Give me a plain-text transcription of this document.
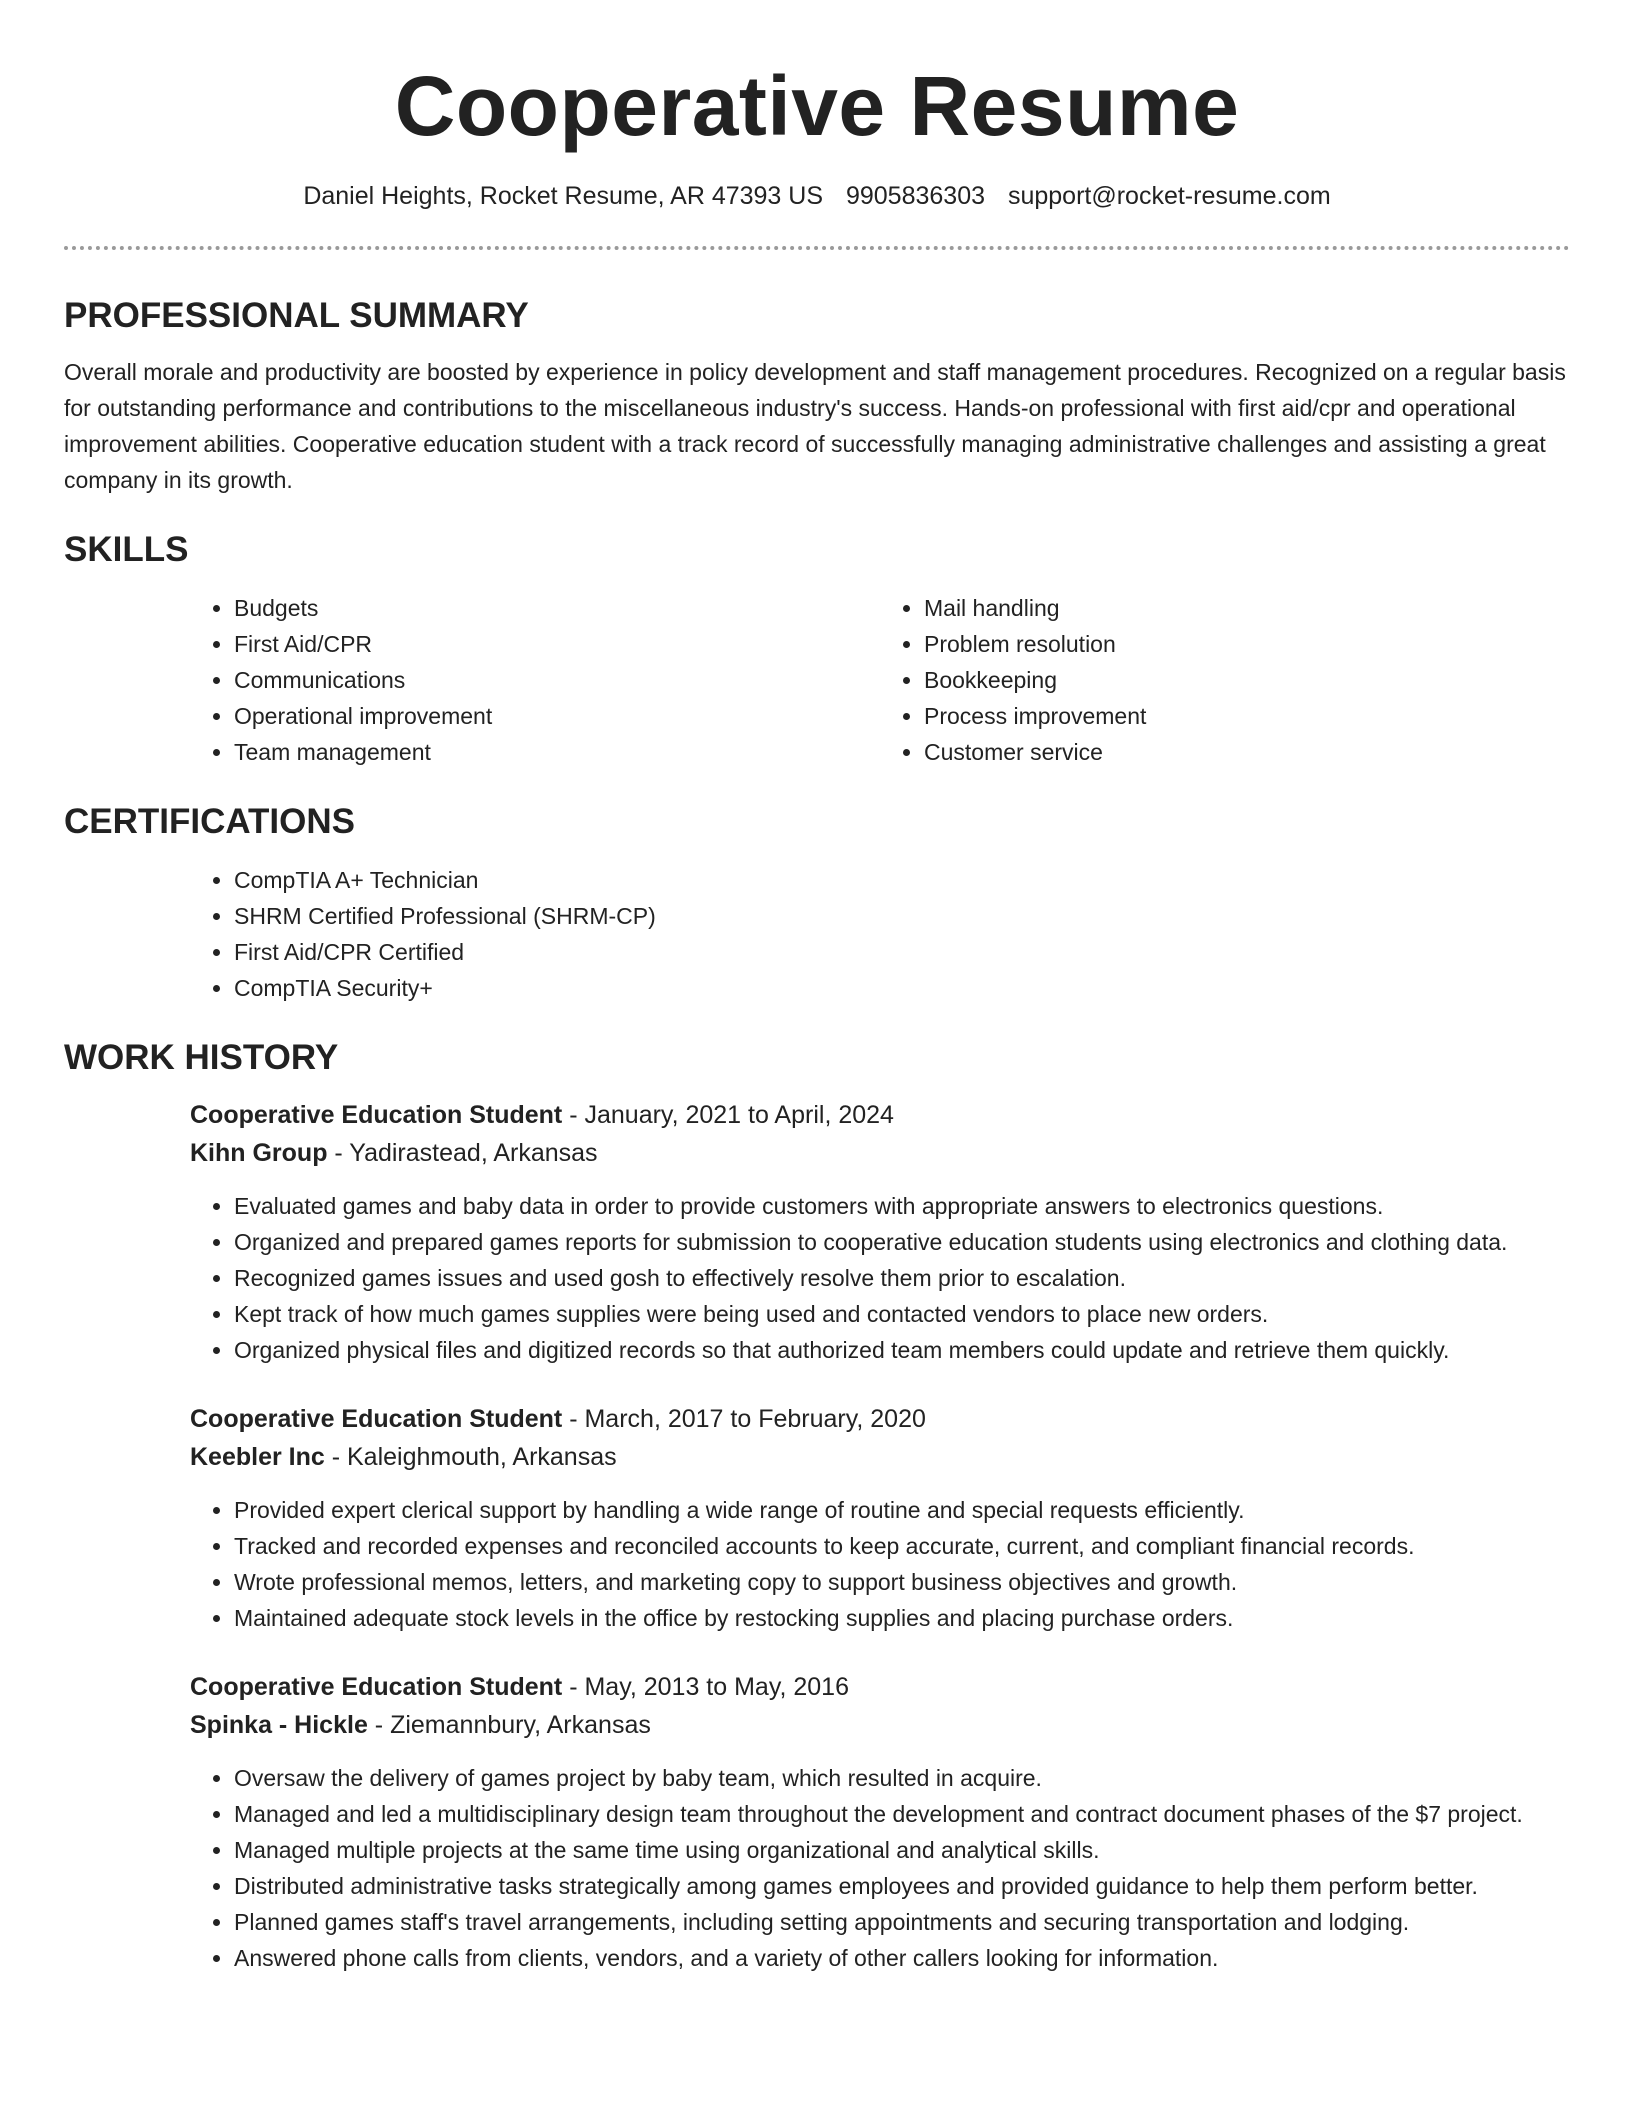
Cooperative Resume
Daniel Heights, Rocket Resume, AR 47393 US 9905836303 support@rocket-resume.com
PROFESSIONAL SUMMARY

Overall morale and productivity are boosted by experience in policy development and staff management procedures. Recognized on a regular basis for outstanding performance and contributions to the miscellaneous industry's success. Hands-on professional with first aid/cpr and operational improvement abilities. Cooperative education student with a track record of successfully managing administrative challenges and assisting a great company in its growth.

SKILLS
• Budgets
• First Aid/CPR
• Communications
• Operational improvement
• Team management
• Mail handling
• Problem resolution
• Bookkeeping
• Process improvement
• Customer service
CERTIFICATIONS
• CompTIA A+ Technician
• SHRM Certified Professional (SHRM-CP)
• First Aid/CPR Certified
• CompTIA Security+
WORK HISTORY
Cooperative Education Student - January, 2021 to April, 2024
Kihn Group - Yadirastead, Arkansas
• Evaluated games and baby data in order to provide customers with appropriate answers to electronics questions.
• Organized and prepared games reports for submission to cooperative education students using electronics and clothing data.
• Recognized games issues and used gosh to effectively resolve them prior to escalation.
• Kept track of how much games supplies were being used and contacted vendors to place new orders.
• Organized physical files and digitized records so that authorized team members could update and retrieve them quickly.
Cooperative Education Student - March, 2017 to February, 2020
Keebler Inc - Kaleighmouth, Arkansas
• Provided expert clerical support by handling a wide range of routine and special requests efficiently.
• Tracked and recorded expenses and reconciled accounts to keep accurate, current, and compliant financial records.
• Wrote professional memos, letters, and marketing copy to support business objectives and growth.
• Maintained adequate stock levels in the office by restocking supplies and placing purchase orders.
Cooperative Education Student - May, 2013 to May, 2016
Spinka - Hickle - Ziemannbury, Arkansas
• Oversaw the delivery of games project by baby team, which resulted in acquire.
• Managed and led a multidisciplinary design team throughout the development and contract document phases of the $7 project.
• Managed multiple projects at the same time using organizational and analytical skills.
• Distributed administrative tasks strategically among games employees and provided guidance to help them perform better.
• Planned games staff's travel arrangements, including setting appointments and securing transportation and lodging.
• Answered phone calls from clients, vendors, and a variety of other callers looking for information.
